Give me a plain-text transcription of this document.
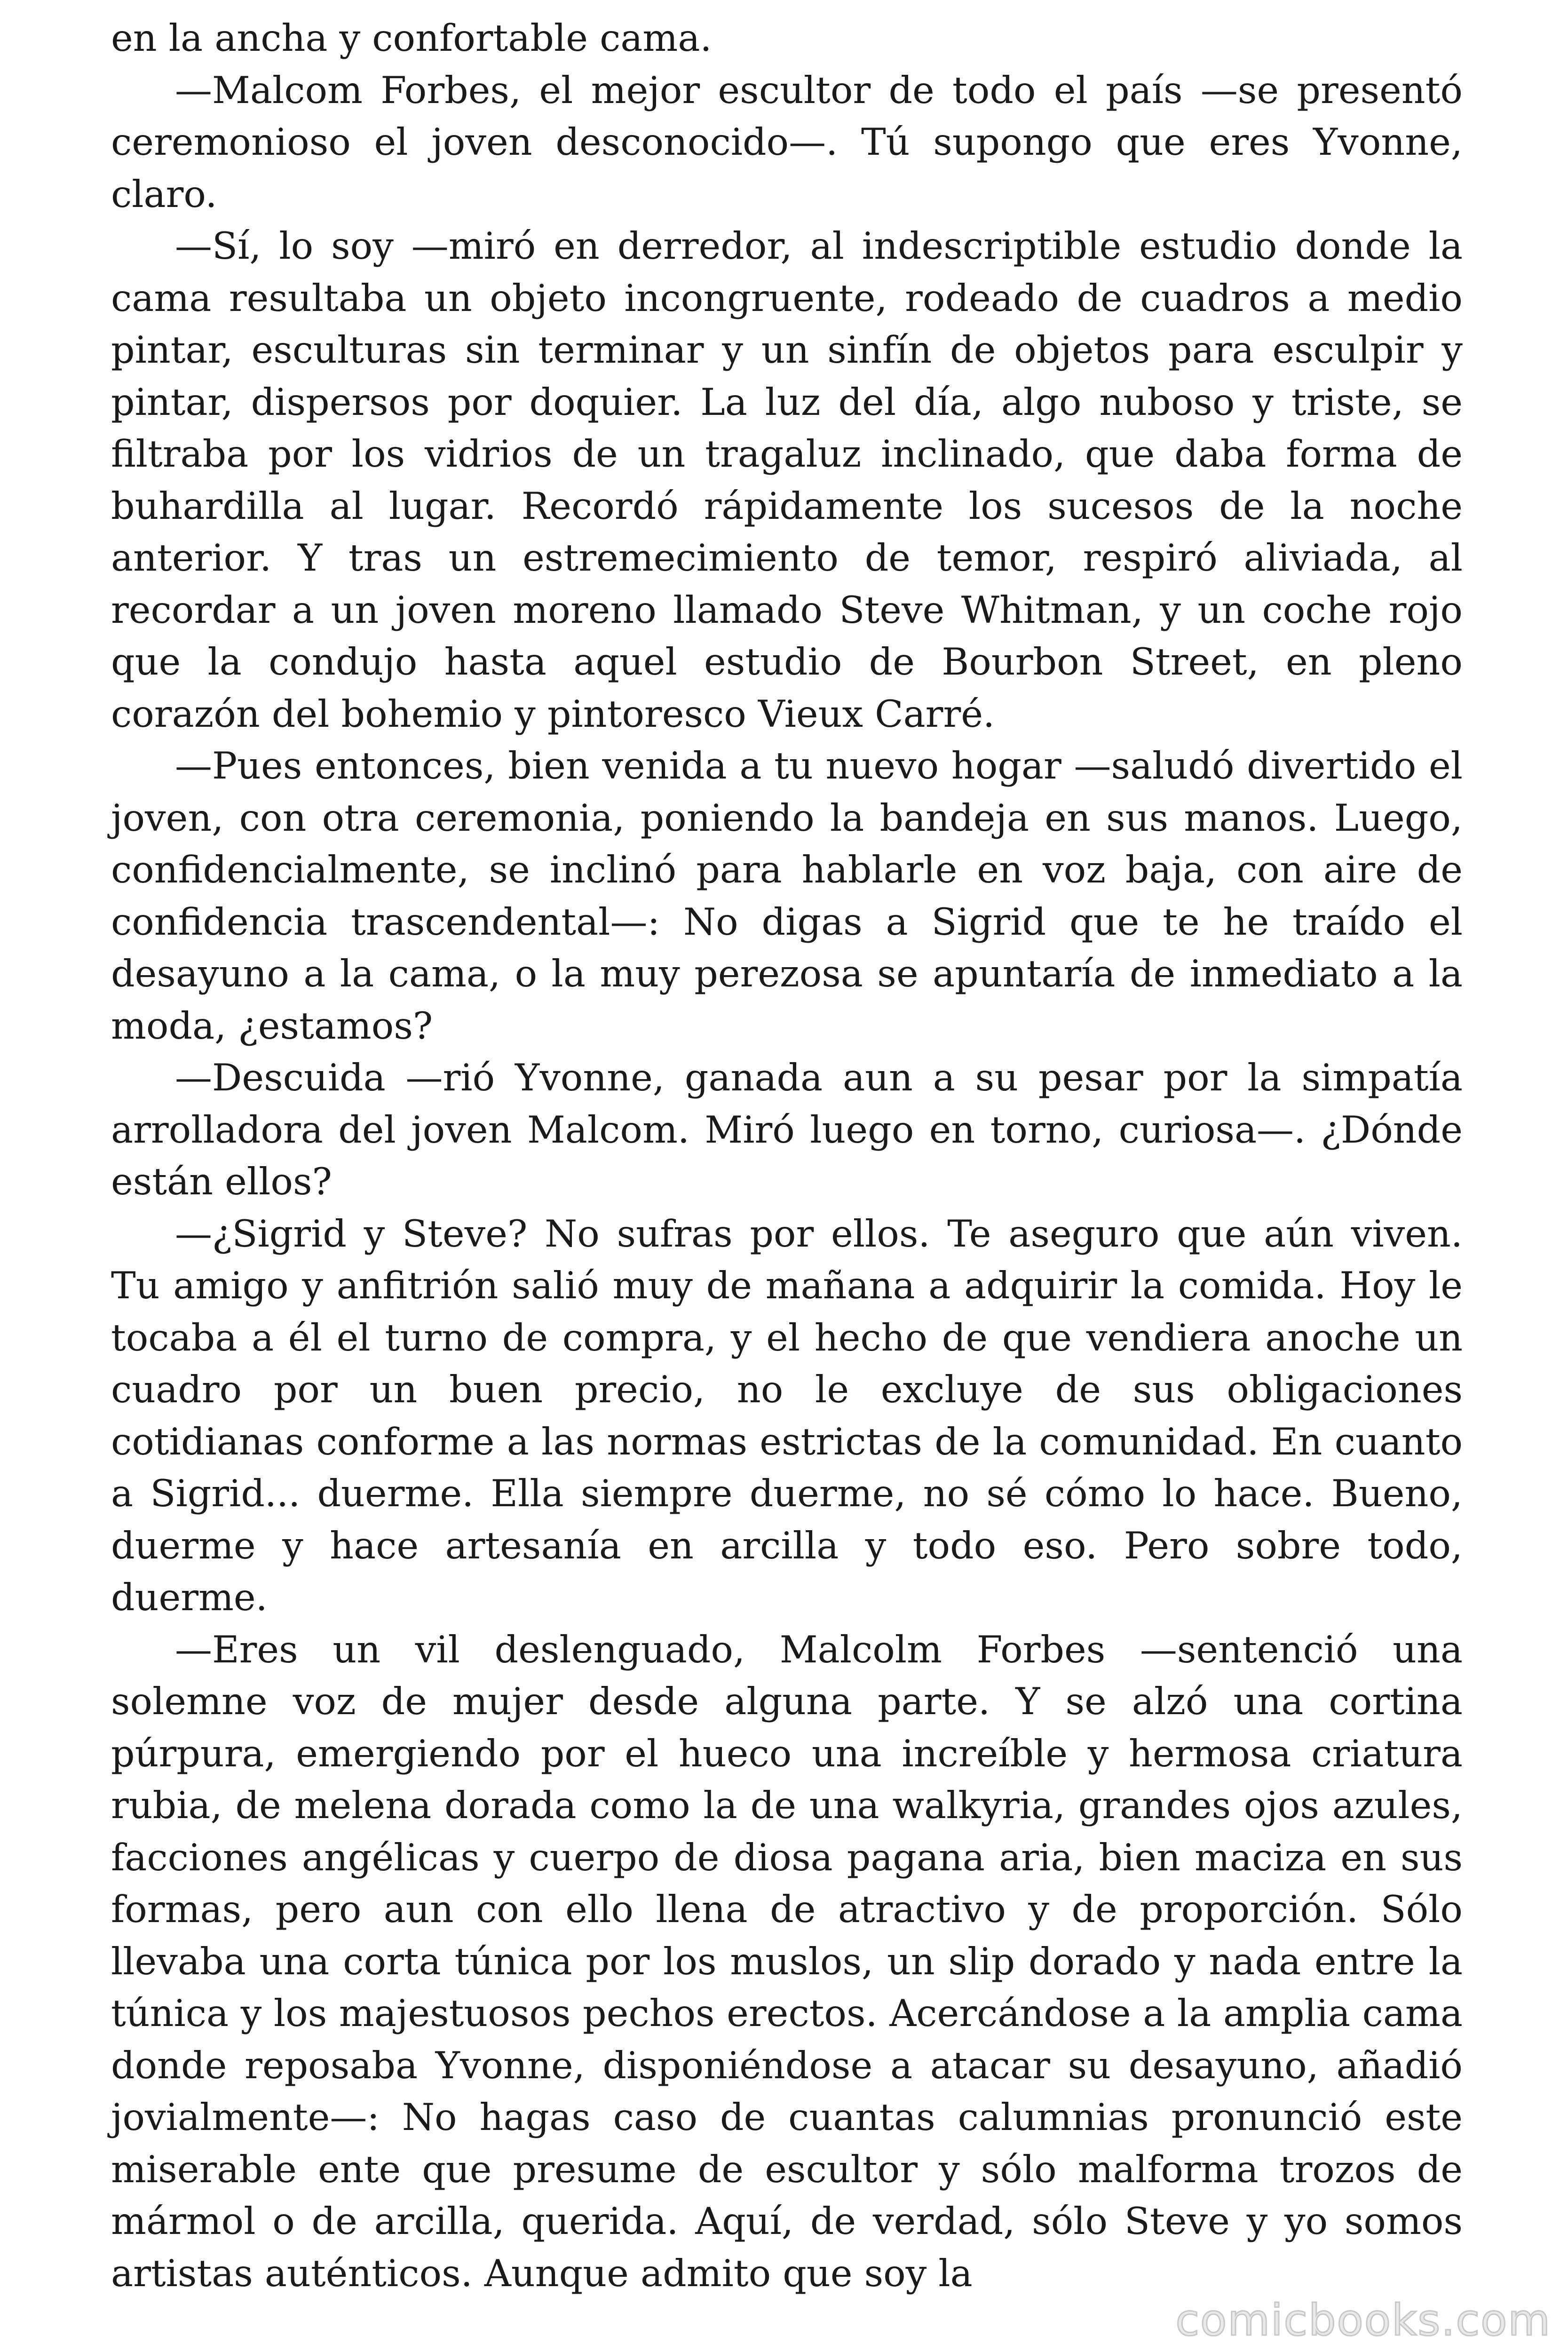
en la ancha y confortable cama.

—Malcom Forbes, el mejor escultor de todo el país —se presentó ceremonioso el joven desconocido—. Tú supongo que eres Yvonne, claro.

—Sí, lo soy —miró en derredor, al indescriptible estudio donde la cama resultaba un objeto incongruente, rodeado de cuadros a medio pintar, esculturas sin terminar y un sinfín de objetos para esculpir y pintar, dispersos por doquier. La luz del día, algo nuboso y triste, se filtraba por los vidrios de un tragaluz inclinado, que daba forma de buhardilla al lugar. Recordó rápidamente los sucesos de la noche anterior. Y tras un estremecimiento de temor, respiró aliviada, al recordar a un joven moreno llamado Steve Whitman, y un coche rojo que la condujo hasta aquel estudio de Bourbon Street, en pleno corazón del bohemio y pintoresco Vieux Carré.

—Pues entonces, bien venida a tu nuevo hogar —saludó divertido el joven, con otra ceremonia, poniendo la bandeja en sus manos. Luego, confidencialmente, se inclinó para hablarle en voz baja, con aire de confidencia trascendental—: No digas a Sigrid que te he traído el desayuno a la cama, o la muy perezosa se apuntaría de inmediato a la moda, ¿estamos?

—Descuida —rió Yvonne, ganada aun a su pesar por la simpatía arrolladora del joven Malcom. Miró luego en torno, curiosa—. ¿Dónde están ellos?

—¿Sigrid y Steve? No sufras por ellos. Te aseguro que aún viven. Tu amigo y anfitrión salió muy de mañana a adquirir la comida. Hoy le tocaba a él el turno de compra, y el hecho de que vendiera anoche un cuadro por un buen precio, no le excluye de sus obligaciones cotidianas conforme a las normas estrictas de la comunidad. En cuanto a Sigrid... duerme. Ella siempre duerme, no sé cómo lo hace. Bueno, duerme y hace artesanía en arcilla y todo eso. Pero sobre todo, duerme.

—Eres un vil deslenguado, Malcolm Forbes —sentenció una solemne voz de mujer desde alguna parte. Y se alzó una cortina púrpura, emergiendo por el hueco una increíble y hermosa criatura rubia, de melena dorada como la de una walkyria, grandes ojos azules, facciones angélicas y cuerpo de diosa pagana aria, bien maciza en sus formas, pero aun con ello llena de atractivo y de proporción. Sólo llevaba una corta túnica por los muslos, un slip dorado y nada entre la túnica y los majestuosos pechos erectos. Acercándose a la amplia cama donde reposaba Yvonne, disponiéndose a atacar su desayuno, añadió jovialmente—: No hagas caso de cuantas calumnias pronunció este miserable ente que presume de escultor y sólo malforma trozos de mármol o de arcilla, querida. Aquí, de verdad, sólo Steve y yo somos artistas auténticos. Aunque admito que soy la

comicbooks.com
